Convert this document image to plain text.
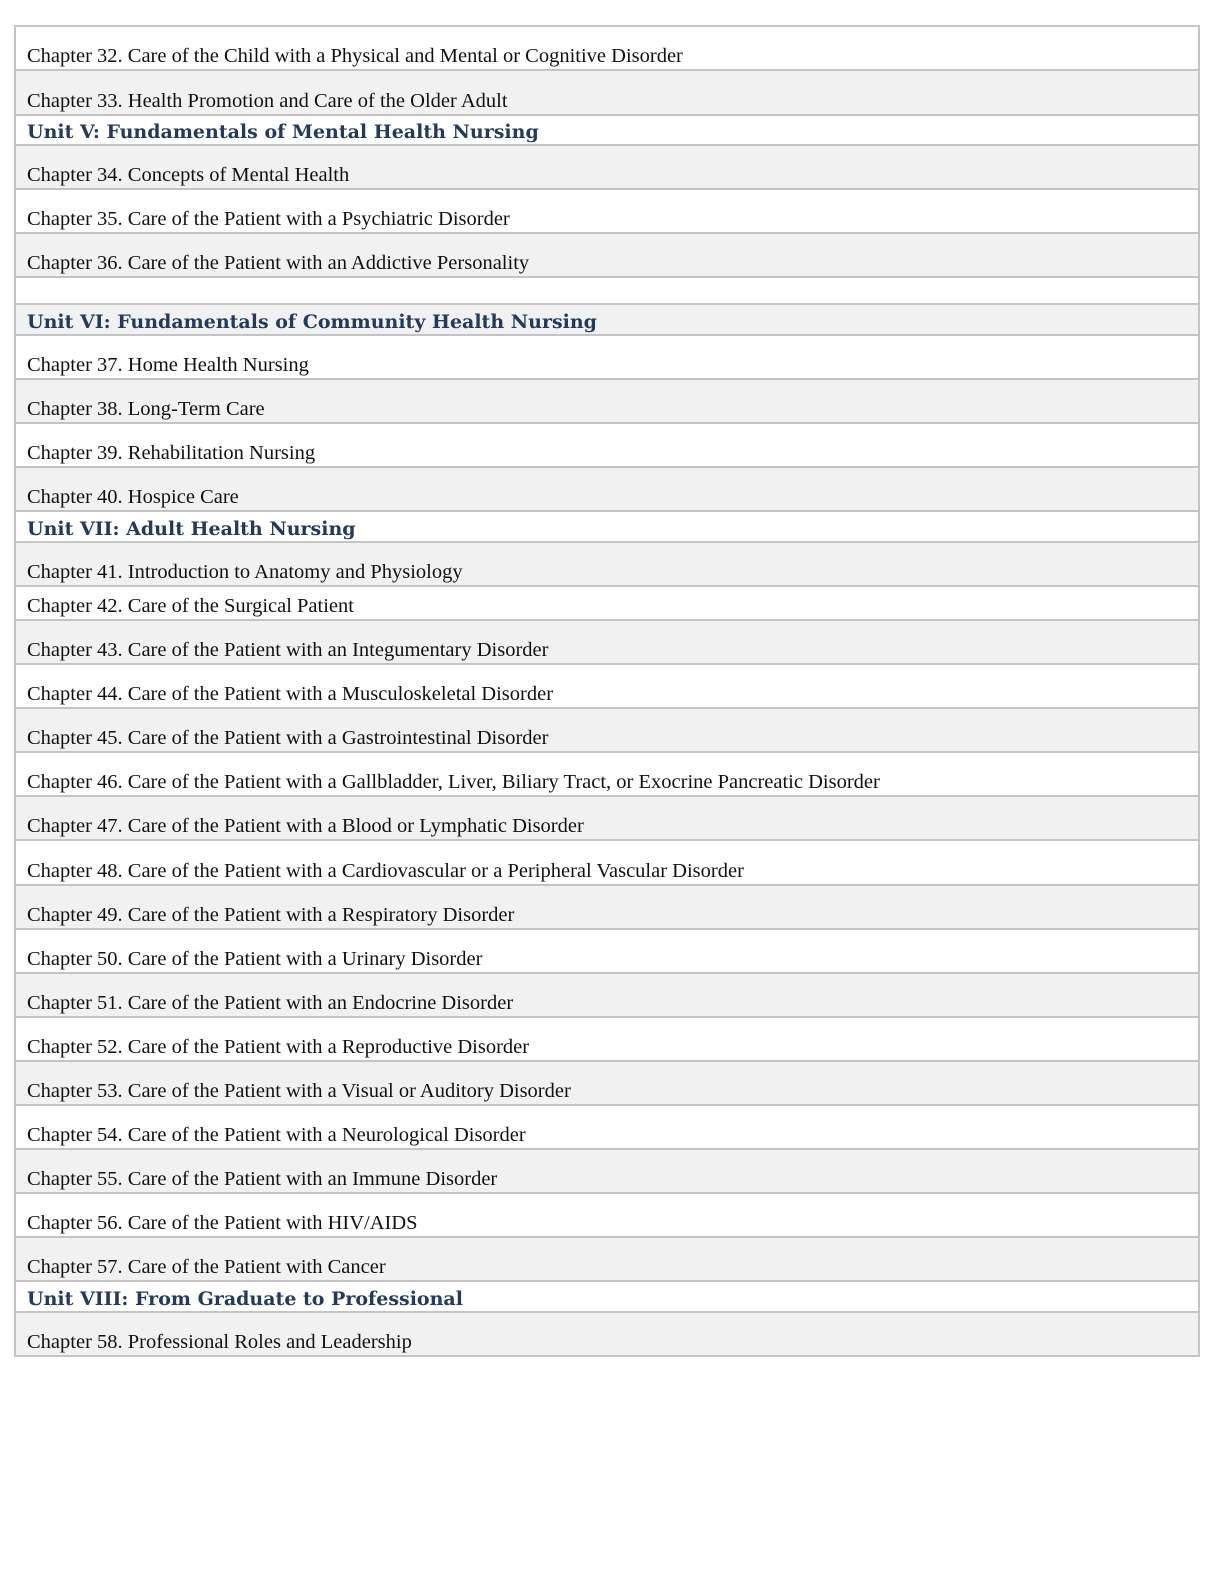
Chapter 32. Care of the Child with a Physical and Mental or Cognitive Disorder
Chapter 33. Health Promotion and Care of the Older Adult
Unit V: Fundamentals of Mental Health Nursing
Chapter 34. Concepts of Mental Health
Chapter 35. Care of the Patient with a Psychiatric Disorder
Chapter 36. Care of the Patient with an Addictive Personality
Unit VI: Fundamentals of Community Health Nursing
Chapter 37. Home Health Nursing
Chapter 38. Long-Term Care
Chapter 39. Rehabilitation Nursing
Chapter 40. Hospice Care
Unit VII: Adult Health Nursing
Chapter 41. Introduction to Anatomy and Physiology
Chapter 42. Care of the Surgical Patient
Chapter 43. Care of the Patient with an Integumentary Disorder
Chapter 44. Care of the Patient with a Musculoskeletal Disorder
Chapter 45. Care of the Patient with a Gastrointestinal Disorder
Chapter 46. Care of the Patient with a Gallbladder, Liver, Biliary Tract, or Exocrine Pancreatic Disorder
Chapter 47. Care of the Patient with a Blood or Lymphatic Disorder
Chapter 48. Care of the Patient with a Cardiovascular or a Peripheral Vascular Disorder
Chapter 49. Care of the Patient with a Respiratory Disorder
Chapter 50. Care of the Patient with a Urinary Disorder
Chapter 51. Care of the Patient with an Endocrine Disorder
Chapter 52. Care of the Patient with a Reproductive Disorder
Chapter 53. Care of the Patient with a Visual or Auditory Disorder
Chapter 54. Care of the Patient with a Neurological Disorder
Chapter 55. Care of the Patient with an Immune Disorder
Chapter 56. Care of the Patient with HIV/AIDS
Chapter 57. Care of the Patient with Cancer
Unit VIII: From Graduate to Professional
Chapter 58. Professional Roles and Leadership
